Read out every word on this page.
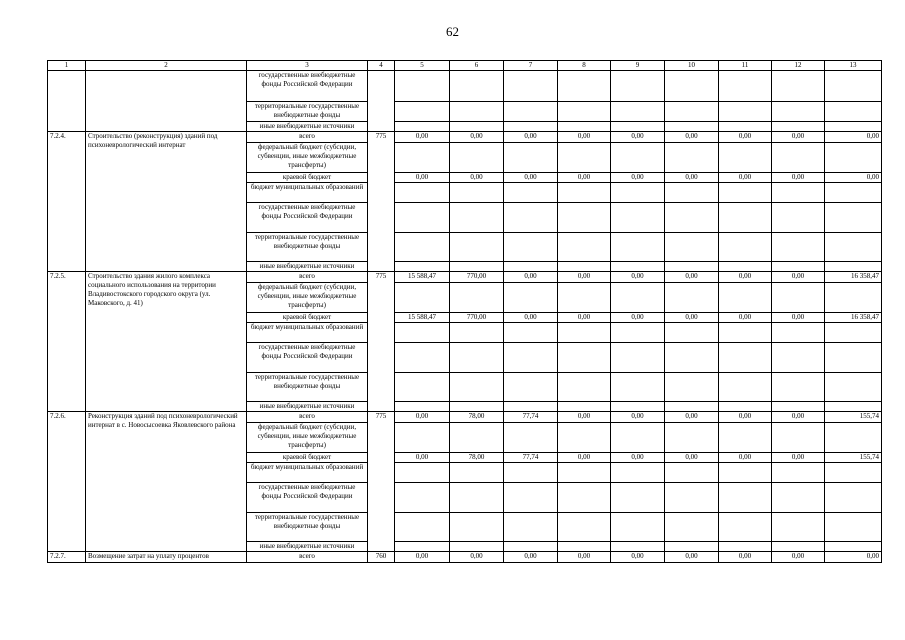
62
1	2	3	4	5	6	7	8	9	10	11	12	13
		государственные внебюджетные фонды Российской Федерации										
		территориальные государственные внебюджетные фонды										
		иные внебюджетные источники										
7.2.4.	Строительство (реконструкция) зданий под психоневрологический интернат	всего	775	0,00	0,00	0,00	0,00	0,00	0,00	0,00	0,00	0,00
		федеральный бюджет (субсидии, субвенции, иные межбюджетные трансферты)										
		краевой бюджет		0,00	0,00	0,00	0,00	0,00	0,00	0,00	0,00	0,00
		бюджет муниципальных образований										
		государственные внебюджетные фонды Российской Федерации										
		территориальные государственные внебюджетные фонды										
		иные внебюджетные источники										
7.2.5.	Строительство здания жилого комплекса социального использования на территории Владивостокского городского округа (ул. Маковского, д. 41)	всего	775	15 588,47	770,00	0,00	0,00	0,00	0,00	0,00	0,00	16 358,47
		федеральный бюджет (субсидии, субвенции, иные межбюджетные трансферты)										
		краевой бюджет		15 588,47	770,00	0,00	0,00	0,00	0,00	0,00	0,00	16 358,47
		бюджет муниципальных образований										
		государственные внебюджетные фонды Российской Федерации										
		территориальные государственные внебюджетные фонды										
		иные внебюджетные источники										
7.2.6.	Реконструкция зданий под психоневрологический интернат в с. Новосысоевка Яковлевского района	всего	775	0,00	78,00	77,74	0,00	0,00	0,00	0,00	0,00	155,74
		федеральный бюджет (субсидии, субвенции, иные межбюджетные трансферты)										
		краевой бюджет		0,00	78,00	77,74	0,00	0,00	0,00	0,00	0,00	155,74
		бюджет муниципальных образований										
		государственные внебюджетные фонды Российской Федерации										
		территориальные государственные внебюджетные фонды										
		иные внебюджетные источники										
7.2.7.	Возмещение затрат на уплату процентов	всего	760	0,00	0,00	0,00	0,00	0,00	0,00	0,00	0,00	0,00
